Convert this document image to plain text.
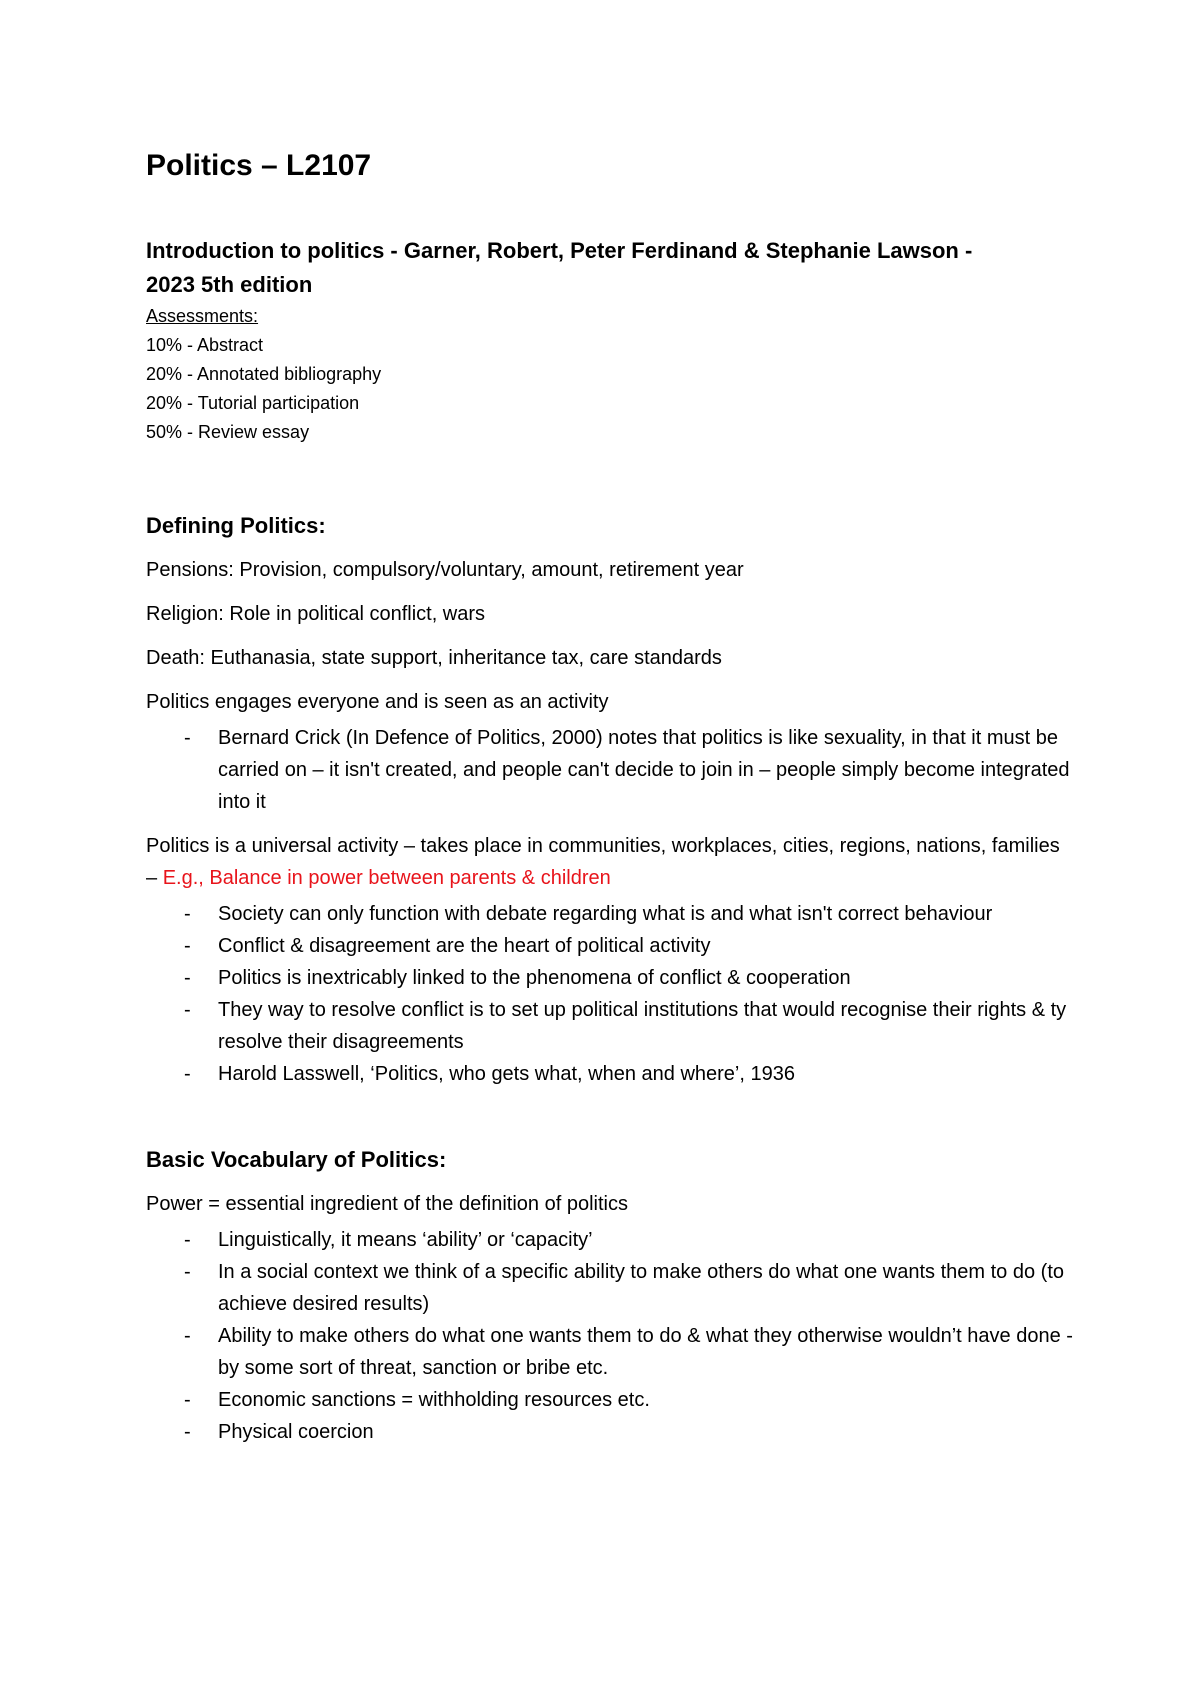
Politics – L2107

Introduction to politics - Garner, Robert, Peter Ferdinand & Stephanie Lawson -

2023 5th edition

Assessments:

10% - Abstract

20% - Annotated bibliography

20% - Tutorial participation

50% - Review essay

Defining Politics:

Pensions: Provision, compulsory/voluntary, amount, retirement year

Religion: Role in political conflict, wars

Death: Euthanasia, state support, inheritance tax, care standards

Politics engages everyone and is seen as an activity

- Bernard Crick (In Defence of Politics, 2000) notes that politics is like sexuality, in that it must be carried on – it isn't created, and people can't decide to join in – people simply become integrated into it

Politics is a universal activity – takes place in communities, workplaces, cities, regions, nations, families – E.g., Balance in power between parents & children

- Society can only function with debate regarding what is and what isn't correct behaviour
- Conflict & disagreement are the heart of political activity
- Politics is inextricably linked to the phenomena of conflict & cooperation
- They way to resolve conflict is to set up political institutions that would recognise their rights & ty resolve their disagreements
- Harold Lasswell, ‘Politics, who gets what, when and where’, 1936
Basic Vocabulary of Politics:

Power = essential ingredient of the definition of politics

- Linguistically, it means ‘ability’ or ‘capacity’
- In a social context we think of a specific ability to make others do what one wants them to do (to achieve desired results)
- Ability to make others do what one wants them to do & what they otherwise wouldn’t have done - by some sort of threat, sanction or bribe etc.
- Economic sanctions = withholding resources etc.
- Physical coercion
